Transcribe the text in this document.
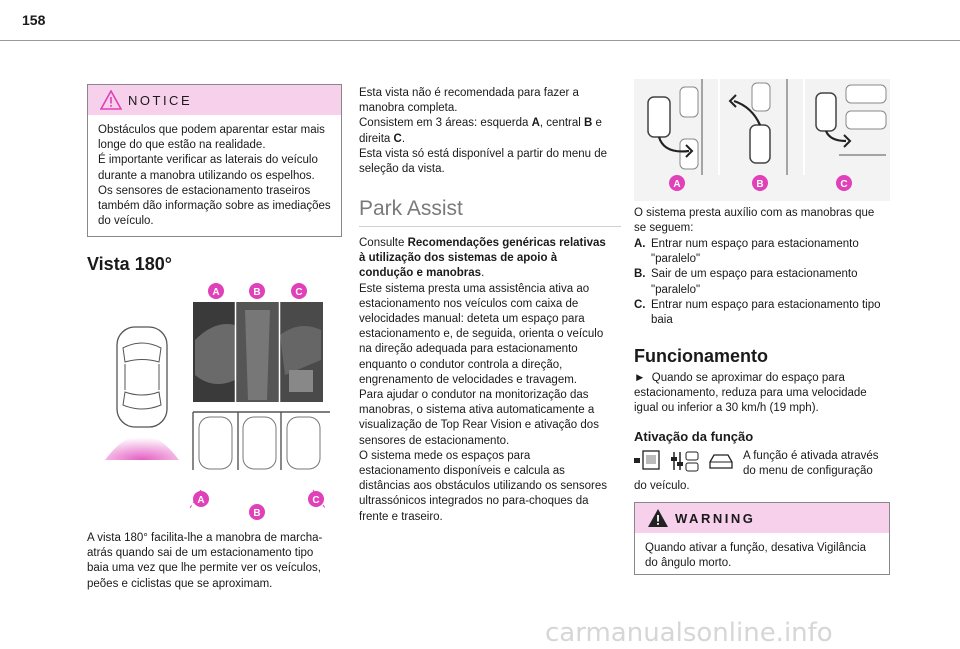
158
NOTICE
Obstáculos que podem aparentar estar mais
longe do que estão na realidade.
É importante verificar as laterais do veículo
durante a manobra utilizando os espelhos.
Os sensores de estacionamento traseiros
também dão informação sobre as imediações
do veículo.
Vista 180°
A	B	C
A
B
C
A vista 180° facilita-lhe a manobra de marcha-
atrás quando sai de um estacionamento tipo
baia uma vez que lhe permite ver os veículos,
peões e ciclistas que se aproximam.
Esta vista não é recomendada para fazer a
manobra completa.
Consistem em 3 áreas: esquerda A, central B e
direita C.
Esta vista só está disponível a partir do menu de
seleção da vista.
Park Assist
Consulte Recomendações genéricas relativas
à utilização dos sistemas de apoio à
condução e manobras.
Este sistema presta uma assistência ativa ao
estacionamento nos veículos com caixa de
velocidades manual: deteta um espaço para
estacionamento e, de seguida, orienta o veículo
na direção adequada para estacionamento
enquanto o condutor controla a direção,
engrenamento de velocidades e travagem.
Para ajudar o condutor na monitorização das
manobras, o sistema ativa automaticamente a
visualização de Top Rear Vision e ativação dos
sensores de estacionamento.
O sistema mede os espaços para
estacionamento disponíveis e calcula as
distâncias aos obstáculos utilizando os sensores
ultrassónicos integrados no para-choques da
frente e traseiro.
A	B	C
O sistema presta auxílio com as manobras que
se seguem:
A. Entrar num espaço para estacionamento
"paralelo"
B. Sair de um espaço para estacionamento
"paralelo"
C. Entrar num espaço para estacionamento tipo
baia
Funcionamento
► Quando se aproximar do espaço para
estacionamento, reduza para uma velocidade
igual ou inferior a 30 km/h (19 mph).
Ativação da função
A função é ativada através
do menu de configuração
do veículo.
WARNING
Quando ativar a função, desativa Vigilância
do ângulo morto.
carmanualsonline.info
